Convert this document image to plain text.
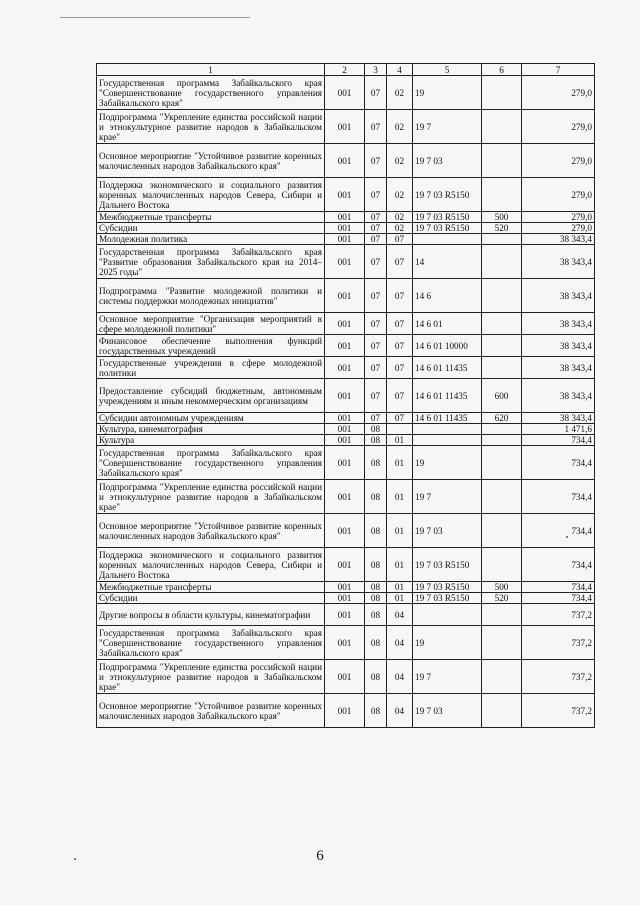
1	2	3	4	5	6	7
Государственная программа Забайкальского края "Совершенствование государственного управления Забайкальского края"	001	07	02	19		279,0
Подпрограмма "Укрепление единства российской нации и этнокультурное развитие народов в Забайкальском крае"	001	07	02	19 7		279,0
Основное мероприятие "Устойчивое развитие коренных малочисленных народов Забайкальского края"	001	07	02	19 7 03		279,0
Поддержка экономического и социального развития коренных малочисленных народов Севера, Сибири и Дальнего Востока	001	07	02	19 7 03 R5150		279,0
Межбюджетные трансферты	001	07	02	19 7 03 R5150	500	279,0
Субсидии	001	07	02	19 7 03 R5150	520	279,0
Молодежная политика	001	07	07			38 343,4
Государственная программа Забайкальского края "Развитие образования Забайкальского края на 2014–2025 годы"	001	07	07	14		38 343,4
Подпрограмма "Развитие молодежной политики и системы поддержки молодежных инициатив"	001	07	07	14 6		38 343,4
Основное мероприятие "Организация мероприятий в сфере молодежной политики"	001	07	07	14 6 01		38 343,4
Финансовое обеспечение выполнения функций государственных учреждений	001	07	07	14 6 01 10000		38 343,4
Государственные учреждения в сфере молодежной политики	001	07	07	14 6 01 11435		38 343,4
Предоставление субсидий бюджетным, автономным учреждениям и иным некоммерческим организациям	001	07	07	14 6 01 11435	600	38 343,4
Субсидии автономным учреждениям	001	07	07	14 6 01 11435	620	38 343,4
Культура, кинематография	001	08				1 471,6
Культура	001	08	01			734,4
Государственная программа Забайкальского края "Совершенствование государственного управления Забайкальского края"	001	08	01	19		734,4
Подпрограмма "Укрепление единства российской нации и этнокультурное развитие народов в Забайкальском крае"	001	08	01	19 7		734,4
Основное мероприятие "Устойчивое развитие коренных малочисленных народов Забайкальского края"	001	08	01	19 7 03		734,4
Поддержка экономического и социального развития коренных малочисленных народов Севера, Сибири и Дальнего Востока	001	08	01	19 7 03 R5150		734,4
Межбюджетные трансферты	001	08	01	19 7 03 R5150	500	734,4
Субсидии	001	08	01	19 7 03 R5150	520	734,4
Другие вопросы в области культуры, кинематографии	001	08	04			737,2
Государственная программа Забайкальского края "Совершенствование государственного управления Забайкальского края"	001	08	04	19		737,2
Подпрограмма "Укрепление единства российской нации и этнокультурное развитие народов в Забайкальском крае"	001	08	04	19 7		737,2
Основное мероприятие "Устойчивое развитие коренных малочисленных народов Забайкальского края"	001	08	04	19 7 03		737,2
6
